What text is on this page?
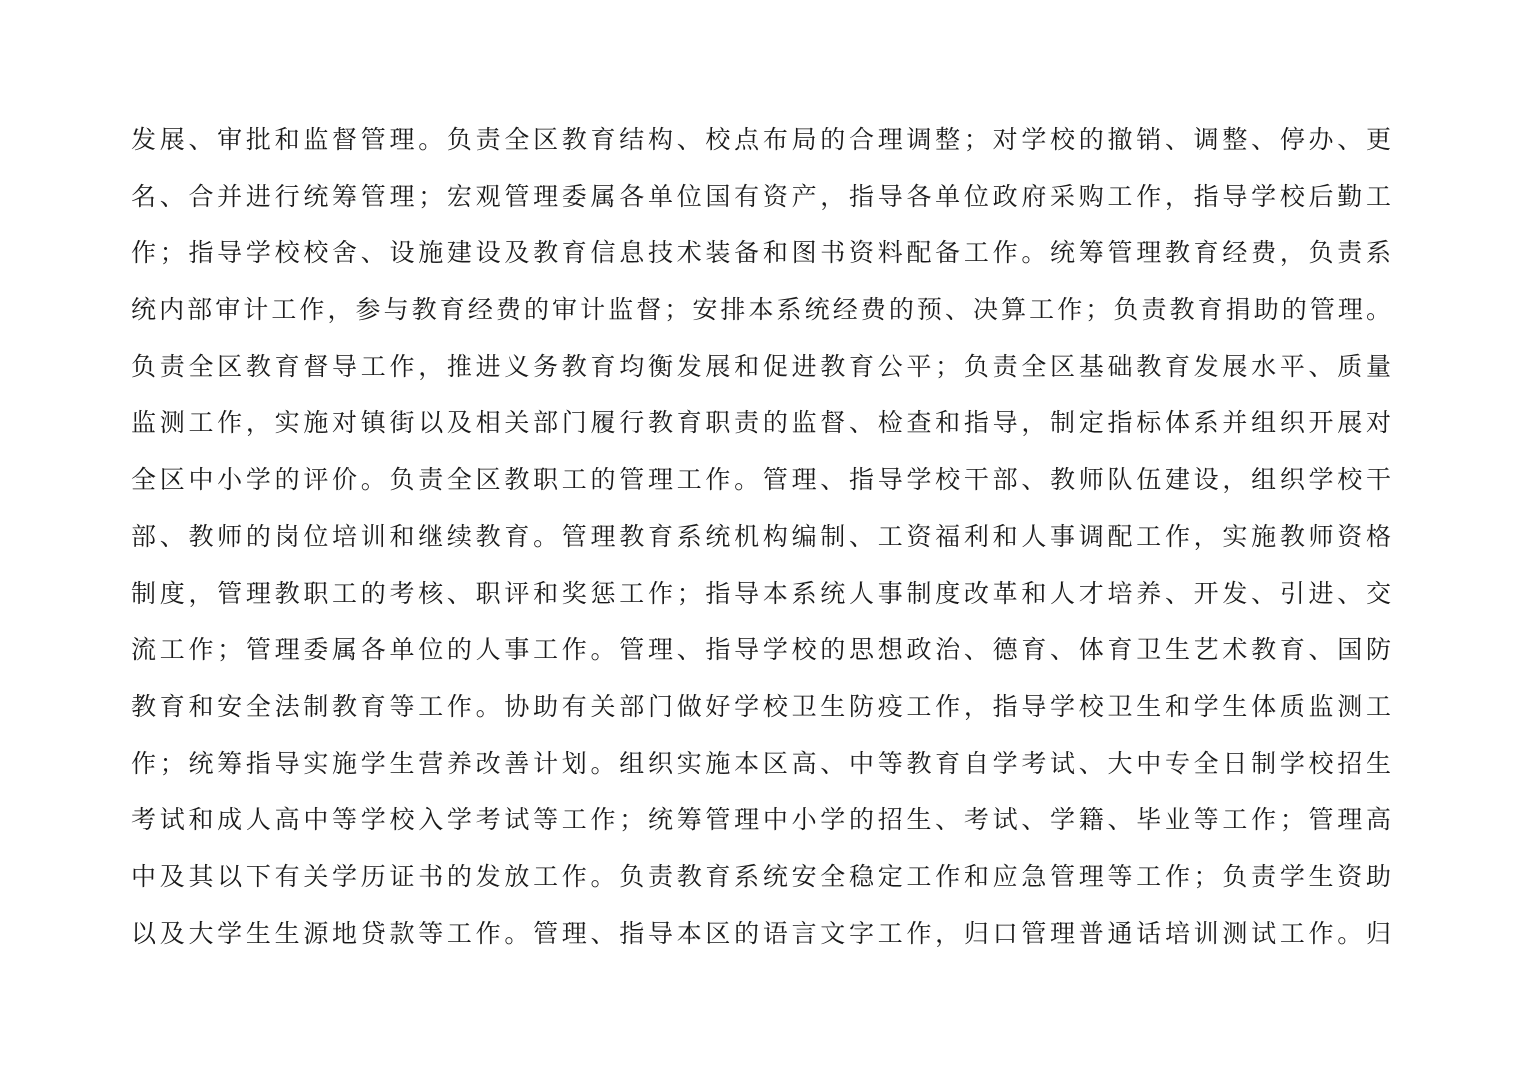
发展、审批和监督管理。负责全区教育结构、校点布局的合理调整；对学校的撤销、调整、停办、更
名、合并进行统筹管理；宏观管理委属各单位国有资产，指导各单位政府采购工作，指导学校后勤工
作；指导学校校舍、设施建设及教育信息技术装备和图书资料配备工作。统筹管理教育经费，负责系
统内部审计工作，参与教育经费的审计监督；安排本系统经费的预、决算工作；负责教育捐助的管理。
负责全区教育督导工作，推进义务教育均衡发展和促进教育公平；负责全区基础教育发展水平、质量
监测工作，实施对镇街以及相关部门履行教育职责的监督、检查和指导，制定指标体系并组织开展对
全区中小学的评价。负责全区教职工的管理工作。管理、指导学校干部、教师队伍建设，组织学校干
部、教师的岗位培训和继续教育。管理教育系统机构编制、工资福利和人事调配工作，实施教师资格
制度，管理教职工的考核、职评和奖惩工作；指导本系统人事制度改革和人才培养、开发、引进、交
流工作；管理委属各单位的人事工作。管理、指导学校的思想政治、德育、体育卫生艺术教育、国防
教育和安全法制教育等工作。协助有关部门做好学校卫生防疫工作，指导学校卫生和学生体质监测工
作；统筹指导实施学生营养改善计划。组织实施本区高、中等教育自学考试、大中专全日制学校招生
考试和成人高中等学校入学考试等工作；统筹管理中小学的招生、考试、学籍、毕业等工作；管理高
中及其以下有关学历证书的发放工作。负责教育系统安全稳定工作和应急管理等工作；负责学生资助
以及大学生生源地贷款等工作。管理、指导本区的语言文字工作，归口管理普通话培训测试工作。归
